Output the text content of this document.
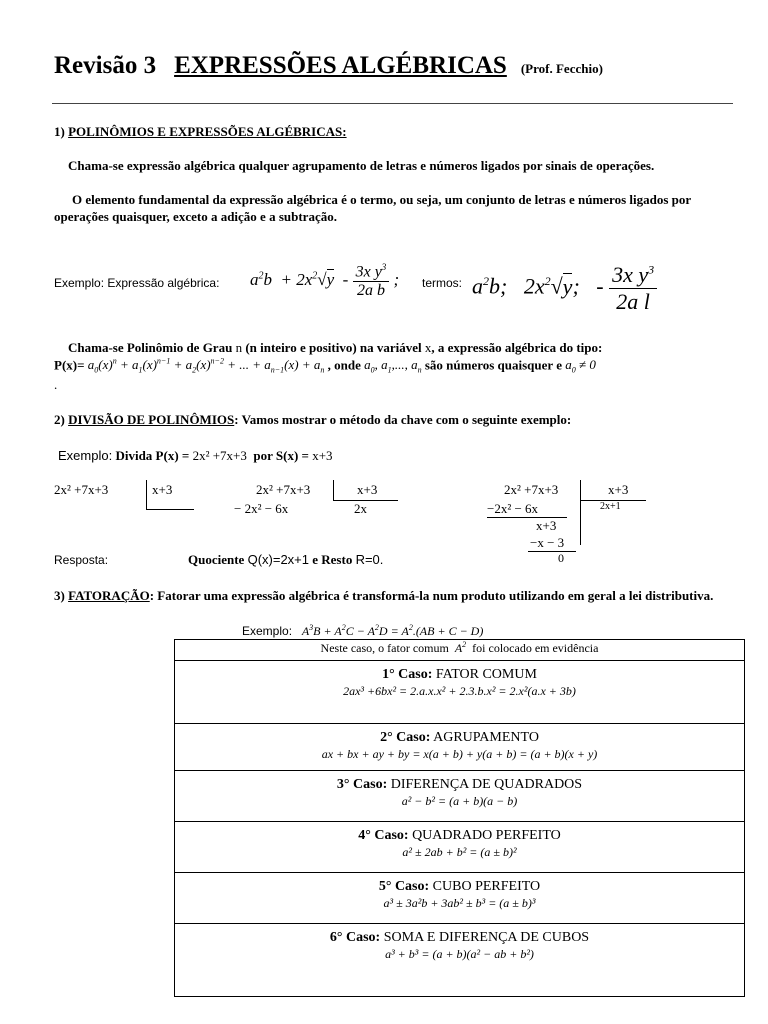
Revisão 3 EXPRESSÕES ALGÉBRICAS (Prof. Fecchio)
1) POLINÔMIOS E EXPRESSÕES ALGÉBRICAS:
Chama-se expressão algébrica qualquer agrupamento de letras e números ligados por sinais de operações.
O elemento fundamental da expressão algébrica é o termo, ou seja, um conjunto de letras e números ligados por operações quaisquer, exceto a adição e a subtração.
Exemplo: Expressão algébrica: $a^2b + 2x^2√y - \frac{3x y^3}{\text{2a b}}$ ; termos: $a^2b$;   $2x^2√y$;   - $\frac{3x y^3}{\text{2a l}}$
Chama-se Polinômio de Grau n (n inteiro e positivo) na variável x, a expressão algébrica do tipo:
$P(x)= a_0(x)^n + a_1(x)^{n-1} + a_2(x)^{n-2}$ + ... + $a_{n-1}(x) + a_n$ , onde $a_0$, $a_1$,..., $a_n$ são números quaisquer e $a_0 \ne 0$
.
2) DIVISÃO DE POLINÔMIOS: Vamos mostrar o método da chave com o seguinte exemplo:
Exemplo: Divida P(x) = 2x² +7x+3 por S(x) = x+3
2x² +7x+3	x+3	2x² +7x+3	x+3
− 2x² − 6x	2x
2x² +7x+3	x+3
−2x² − 6x	2x+1
x+3
−x − 3
0
Resposta:	Quociente Q(x)=2x+1 e Resto R=0.
3) FATORAÇÃO: Fatorar uma expressão algébrica é transformá-la num produto utilizando em geral a lei distributiva.
Exemplo:   $A^3B + A^2C - A^2D = A^2.(AB + C - D)$
Neste caso, o fator comum  $A^2$ foi colocado em evidência

1° Caso: FATOR COMUM
2ax³ +6bx² = 2.a.x.x² + 2.3.b.x² = 2.x²(a.x + 3b)

2° Caso: AGRUPAMENTO
ax + bx + ay + by = x(a + b) + y(a + b) = (a + b)(x + y)

3° Caso: DIFERENÇA DE QUADRADOS
a² − b² = (a + b)(a − b)

4° Caso: QUADRADO PERFEITO
a² ± 2ab + b² = (a ± b)²

5° Caso: CUBO PERFEITO
a³ ± 3a²b + 3ab² ± b³ = (a ± b)³

6° Caso: SOMA E DIFERENÇA DE CUBOS
a³ + b³ = (a + b)(a² − ab + b²)
